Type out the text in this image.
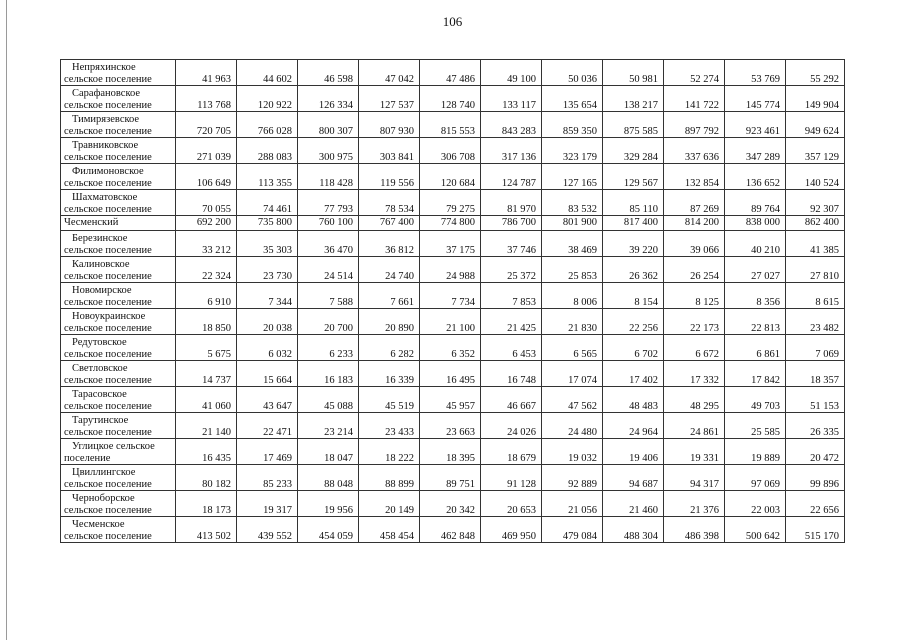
106
Непряхинское
сельское поселение	41 963	44 602	46 598	47 042	47 486	49 100	50 036	50 981	52 274	53 769	55 292

Сарафановское
сельское поселение	113 768	120 922	126 334	127 537	128 740	133 117	135 654	138 217	141 722	145 774	149 904

Тимирязевское
сельское поселение	720 705	766 028	800 307	807 930	815 553	843 283	859 350	875 585	897 792	923 461	949 624

Травниковское
сельское поселение	271 039	288 083	300 975	303 841	306 708	317 136	323 179	329 284	337 636	347 289	357 129

Филимоновское
сельское поселение	106 649	113 355	118 428	119 556	120 684	124 787	127 165	129 567	132 854	136 652	140 524

Шахматовское
сельское поселение	70 055	74 461	77 793	78 534	79 275	81 970	83 532	85 110	87 269	89 764	92 307

Чесменский	692 200	735 800	760 100	767 400	774 800	786 700	801 900	817 400	814 200	838 000	862 400

Березинское
сельское поселение	33 212	35 303	36 470	36 812	37 175	37 746	38 469	39 220	39 066	40 210	41 385

Калиновское
сельское поселение	22 324	23 730	24 514	24 740	24 988	25 372	25 853	26 362	26 254	27 027	27 810

Новомирское
сельское поселение	6 910	7 344	7 588	7 661	7 734	7 853	8 006	8 154	8 125	8 356	8 615

Новоукраинское
сельское поселение	18 850	20 038	20 700	20 890	21 100	21 425	21 830	22 256	22 173	22 813	23 482

Редутовское
сельское поселение	5 675	6 032	6 233	6 282	6 352	6 453	6 565	6 702	6 672	6 861	7 069

Светловское
сельское поселение	14 737	15 664	16 183	16 339	16 495	16 748	17 074	17 402	17 332	17 842	18 357

Тарасовское
сельское поселение	41 060	43 647	45 088	45 519	45 957	46 667	47 562	48 483	48 295	49 703	51 153

Тарутинское
сельское поселение	21 140	22 471	23 214	23 433	23 663	24 026	24 480	24 964	24 861	25 585	26 335

Углицкое сельское
поселение	16 435	17 469	18 047	18 222	18 395	18 679	19 032	19 406	19 331	19 889	20 472

Цвиллингское
сельское поселение	80 182	85 233	88 048	88 899	89 751	91 128	92 889	94 687	94 317	97 069	99 896

Черноборское
сельское поселение	18 173	19 317	19 956	20 149	20 342	20 653	21 056	21 460	21 376	22 003	22 656

Чесменское
сельское поселение	413 502	439 552	454 059	458 454	462 848	469 950	479 084	488 304	486 398	500 642	515 170
